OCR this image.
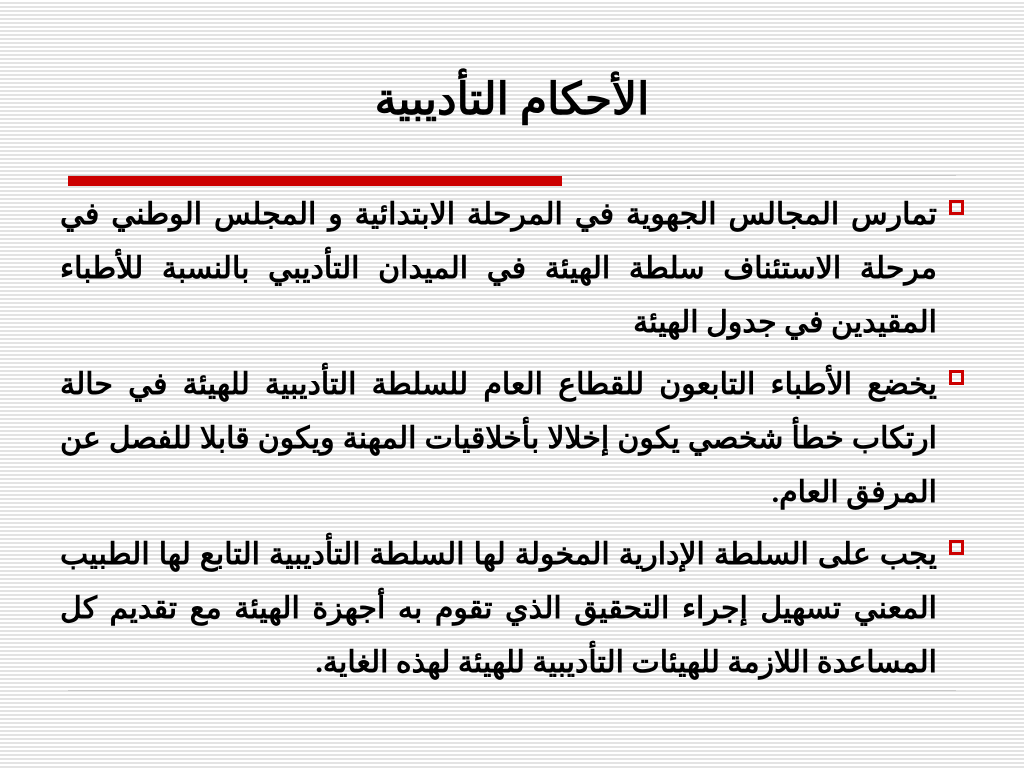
الأحكام التأديبية

تمارس المجالس الجهوية في المرحلة الابتدائية و المجلس الوطني في مرحلة الاستئناف سلطة الهيئة في الميدان التأديبي بالنسبة للأطباء المقيدين في جدول الهيئة

يخضع الأطباء التابعون للقطاع العام للسلطة التأديبية للهيئة في حالة ارتكاب خطأ شخصي يكون إخلالا بأخلاقيات المهنة ويكون قابلا للفصل عن المرفق العام.

يجب على السلطة الإدارية المخولة لها السلطة التأديبية التابع لها الطبيب المعني تسهيل إجراء التحقيق الذي تقوم به أجهزة الهيئة مع تقديم كل المساعدة اللازمة للهيئات التأديبية للهيئة لهذه الغاية.
